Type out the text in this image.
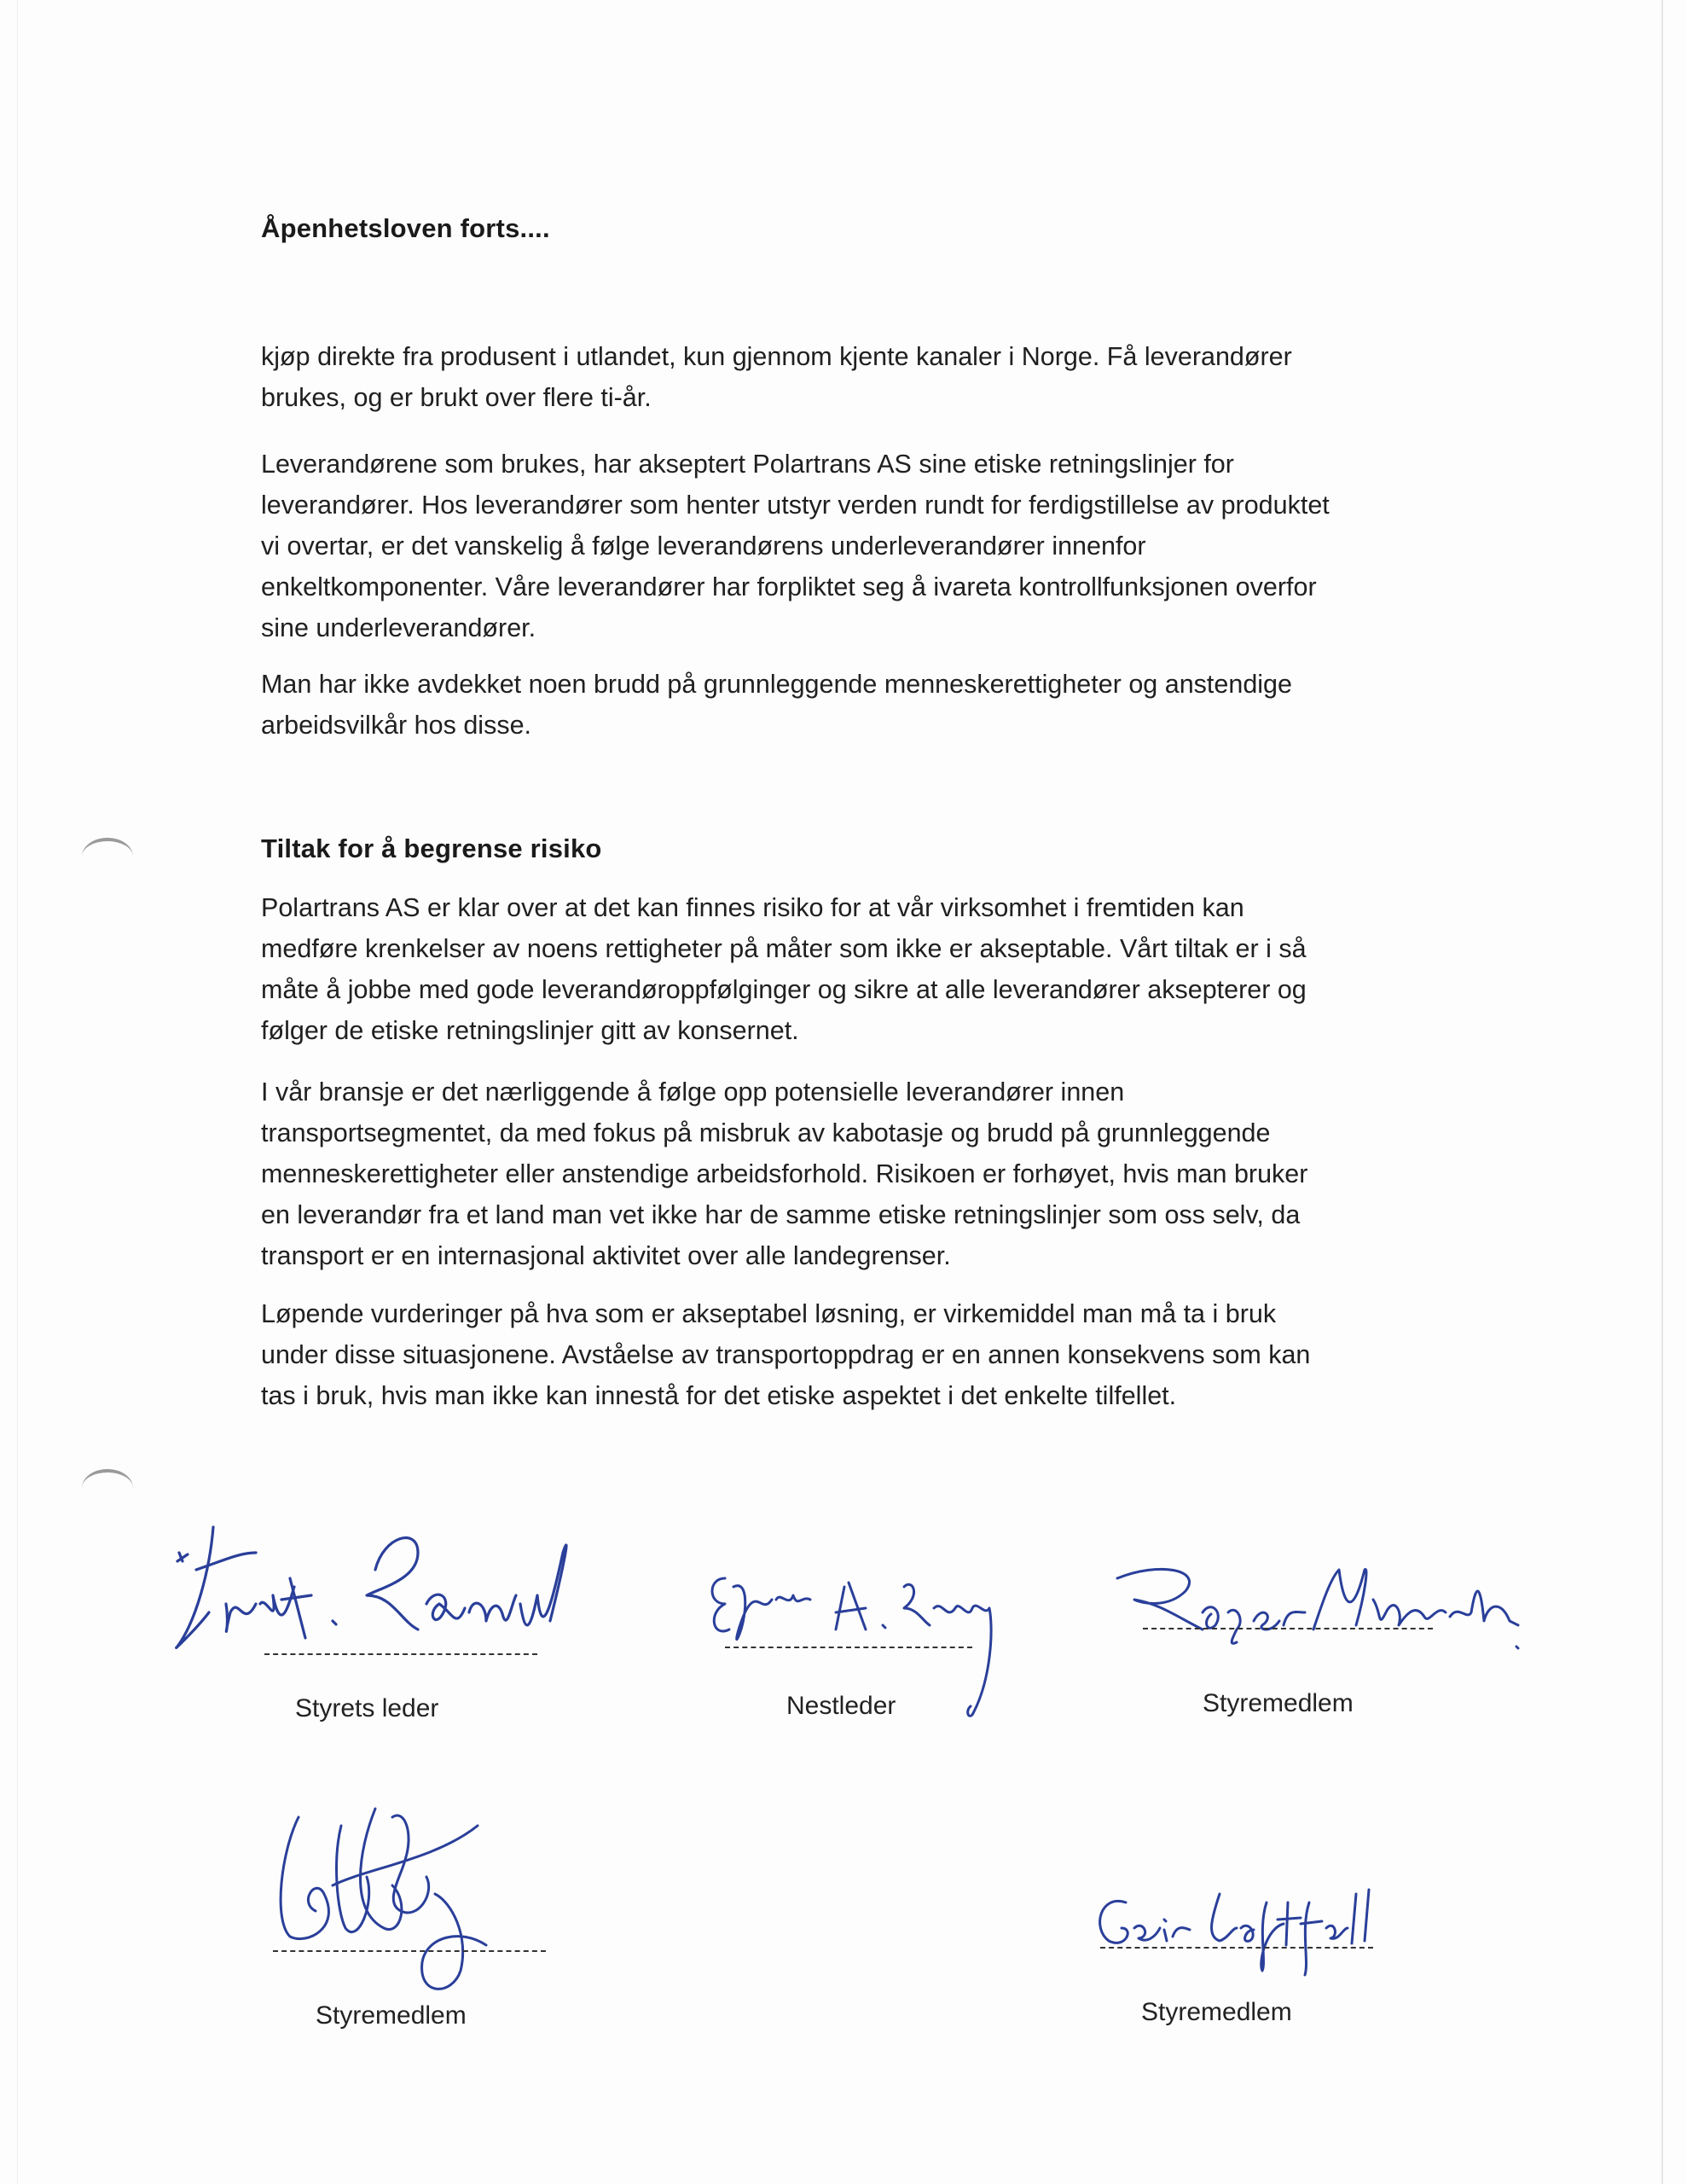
Åpenhetsloven forts....
kjøp direkte fra produsent i utlandet, kun gjennom kjente kanaler i Norge. Få leverandører
brukes, og er brukt over flere ti-år.
Leverandørene som brukes, har akseptert Polartrans AS sine etiske retningslinjer for
leverandører. Hos leverandører som henter utstyr verden rundt for ferdigstillelse av produktet
vi overtar, er det vanskelig å følge leverandørens underleverandører innenfor
enkeltkomponenter. Våre leverandører har forpliktet seg å ivareta kontrollfunksjonen overfor
sine underleverandører.
Man har ikke avdekket noen brudd på grunnleggende menneskerettigheter og anstendige
arbeidsvilkår hos disse.
Tiltak for å begrense risiko
Polartrans AS er klar over at det kan finnes risiko for at vår virksomhet i fremtiden kan
medføre krenkelser av noens rettigheter på måter som ikke er akseptable. Vårt tiltak er i så
måte å jobbe med gode leverandøroppfølginger og sikre at alle leverandører aksepterer og
følger de etiske retningslinjer gitt av konsernet.
I vår bransje er det nærliggende å følge opp potensielle leverandører innen
transportsegmentet, da med fokus på misbruk av kabotasje og brudd på grunnleggende
menneskerettigheter eller anstendige arbeidsforhold. Risikoen er forhøyet, hvis man bruker
en leverandør fra et land man vet ikke har de samme etiske retningslinjer som oss selv, da
transport er en internasjonal aktivitet over alle landegrenser.
Løpende vurderinger på hva som er akseptabel løsning, er virkemiddel man må ta i bruk
under disse situasjonene. Avståelse av transportoppdrag er en annen konsekvens som kan
tas i bruk, hvis man ikke kan innestå for det etiske aspektet i det enkelte tilfellet.
Styrets leder	Nestleder	Styremedlem
Styremedlem	Styremedlem
